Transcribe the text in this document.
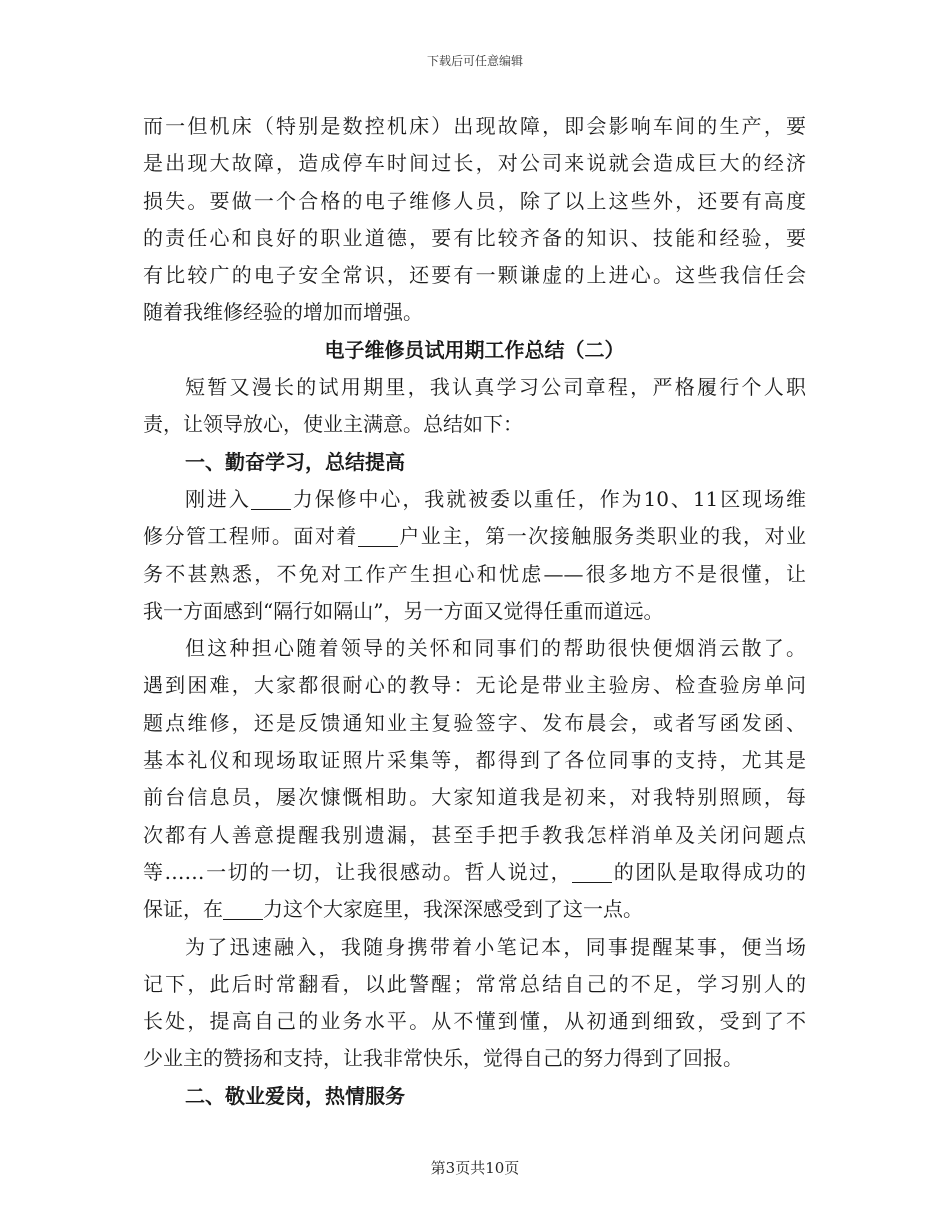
下载后可任意编辑
而一但机床（特别是数控机床）出现故障，即会影响车间的生产，要
是出现大故障，造成停车时间过长，对公司来说就会造成巨大的经济
损失。要做一个合格的电子维修人员，除了以上这些外，还要有高度
的责任心和良好的职业道德，要有比较齐备的知识、技能和经验，要
有比较广的电子安全常识，还要有一颗谦虚的上进心。这些我信任会
随着我维修经验的增加而增强。
电子维修员试用期工作总结（二）
短暂又漫长的试用期里，我认真学习公司章程，严格履行个人职
责，让领导放心，使业主满意。总结如下：
一、勤奋学习，总结提高
刚进入 力保修中心，我就被委以重任，作为10、11区现场维
修分管工程师。面对着 户业主，第一次接触服务类职业的我，对业
务不甚熟悉，不免对工作产生担心和忧虑——很多地方不是很懂，让
我一方面感到“隔行如隔山”，另一方面又觉得任重而道远。
但这种担心随着领导的关怀和同事们的帮助很快便烟消云散了。
遇到困难，大家都很耐心的教导：无论是带业主验房、检查验房单问
题点维修，还是反馈通知业主复验签字、发布晨会，或者写函发函、
基本礼仪和现场取证照片采集等，都得到了各位同事的支持，尤其是
前台信息员，屡次慷慨相助。大家知道我是初来，对我特别照顾，每
次都有人善意提醒我别遗漏，甚至手把手教我怎样消单及关闭问题点
等……一切的一切，让我很感动。哲人说过， 的团队是取得成功的
保证，在 力这个大家庭里，我深深感受到了这一点。
为了迅速融入，我随身携带着小笔记本，同事提醒某事，便当场
记下，此后时常翻看，以此警醒；常常总结自己的不足，学习别人的
长处，提高自己的业务水平。从不懂到懂，从初通到细致，受到了不
少业主的赞扬和支持，让我非常快乐，觉得自己的努力得到了回报。
二、敬业爱岗，热情服务
第3页共10页
